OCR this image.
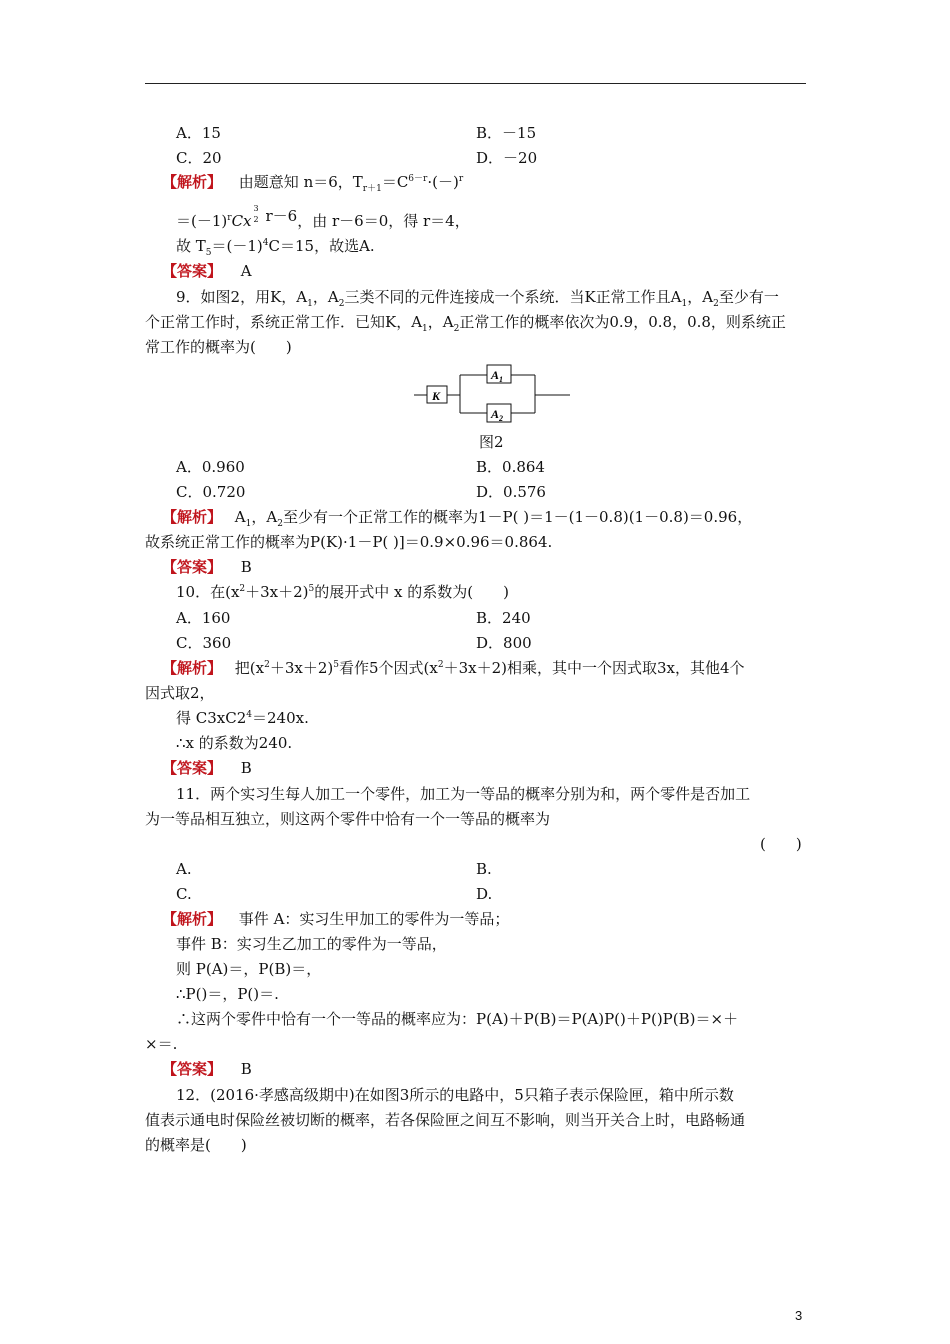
A．15	B．－15
C．20	D．－20
【解析】 由题意知 n＝6，$T_{r+1}=C^{6-r}\cdot(-)^r$
$=(-1)^rCx$
3
2 r－6，由 r－6＝0，得 r＝4，
故 $T_5=(-1)^4C=15$，故选A.
【答案】 A
9．如图2，用K，$A_1$，$A_2$三类不同的元件连接成一个系统．当K正常工作且$A_1$，$A_2$至少有一
个正常工作时，系统正常工作．已知K，$A_1$，$A_2$正常工作的概率依次为0.9，0.8，0.8，则系统正
常工作的概率为(　　)
K
$A_1$
$A_2$
图2
A．0.960	B．0.864
C．0.720	D．0.576
【解析】 $A_1$，$A_2$至少有一个正常工作的概率为1－P( )＝1－(1－0.8)(1－0.8)＝0.96，
故系统正常工作的概率为P(K)·1－P( )]＝0.9×0.96＝0.864.
【答案】 B
10．在$(x^2+3x+2)^5$的展开式中 x 的系数为(　　)
A．160	B．240
C．360	D．800
【解析】 把$(x^2+3x+2)^5$看作5个因式$(x^2+3x+2)$相乘，其中一个因式取3x，其他4个
因式取2，
得 $C3xC2^4=240x$.
∴x 的系数为240.
【答案】 B
11．两个实习生每人加工一个零件，加工为一等品的概率分别为和，两个零件是否加工
为一等品相互独立，则这两个零件中恰有一个一等品的概率为
(　　)
A.	B.
C.	D.
【解析】 事件 A：实习生甲加工的零件为一等品；
事件 B：实习生乙加工的零件为一等品，
则 P(A)＝，P(B)＝，
∴P()＝，P()＝.
∴这两个零件中恰有一个一等品的概率应为：P(A)＋P(B)＝P(A)P()＋P()P(B)＝×＋
×＝.
【答案】 B
12．(2016·孝感高级期中)在如图3所示的电路中，5只箱子表示保险匣，箱中所示数
值表示通电时保险丝被切断的概率，若各保险匣之间互不影响，则当开关合上时，电路畅通
的概率是(　　)
3
